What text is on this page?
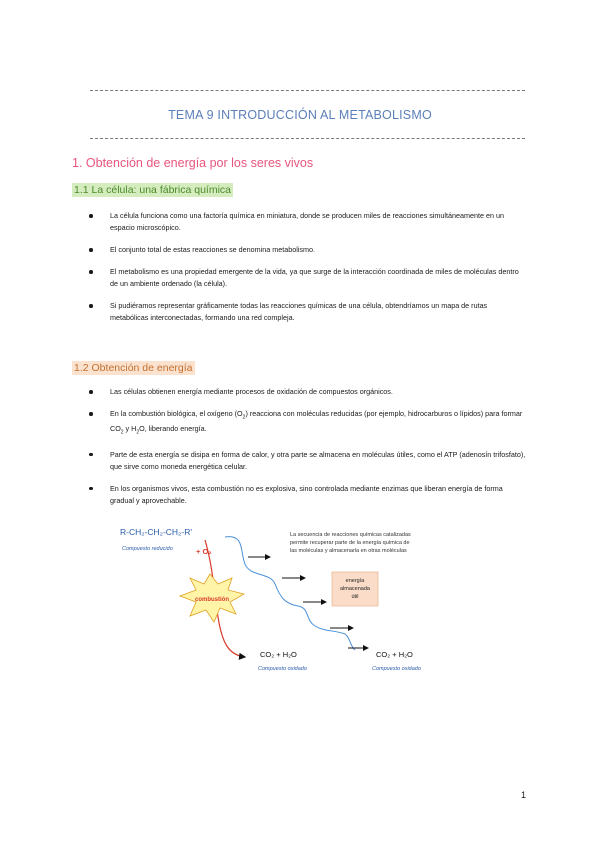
TEMA 9 INTRODUCCIÓN AL METABOLISMO
1. Obtención de energía por los seres vivos
1.1 La célula: una fábrica química
La célula funciona como una factoría química en miniatura, donde se producen miles de reacciones simultáneamente en un espacio microscópico.
El conjunto total de estas reacciones se denomina metabolismo.
El metabolismo es una propiedad emergente de la vida, ya que surge de la interacción coordinada de miles de moléculas dentro de un ambiente ordenado (la célula).
Si pudiéramos representar gráficamente todas las reacciones químicas de una célula, obtendríamos un mapa de rutas metabólicas interconectadas, formando una red compleja.
1.2 Obtención de energía
Las células obtienen energía mediante procesos de oxidación de compuestos orgánicos.
En la combustión biológica, el oxígeno $(O_2)$ reacciona con moléculas reducidas (por ejemplo, hidrocarburos o lípidos) para formar $CO_2$ y $H_2O$, liberando energía.
Parte de esta energía se disipa en forma de calor, y otra parte se almacena en moléculas útiles, como el ATP (adenosín trifosfato), que sirve como moneda energética celular.
En los organismos vivos, esta combustión no es explosiva, sino controlada mediante enzimas que liberan energía de forma gradual y aprovechable.
R-CH₂-CH₂-CH₂-R'
Compuesto reducido	+ O₂
combustión
La secuencia de reacciones químicas catalizadas
permite recuperar parte de la energía química de
las moléculas y almacenarla en otras moléculas
energía
almacenada
útil
CO₂ + H₂O
Compuesto oxidado
CO₂ + H₂O
Compuesto oxidado
1
